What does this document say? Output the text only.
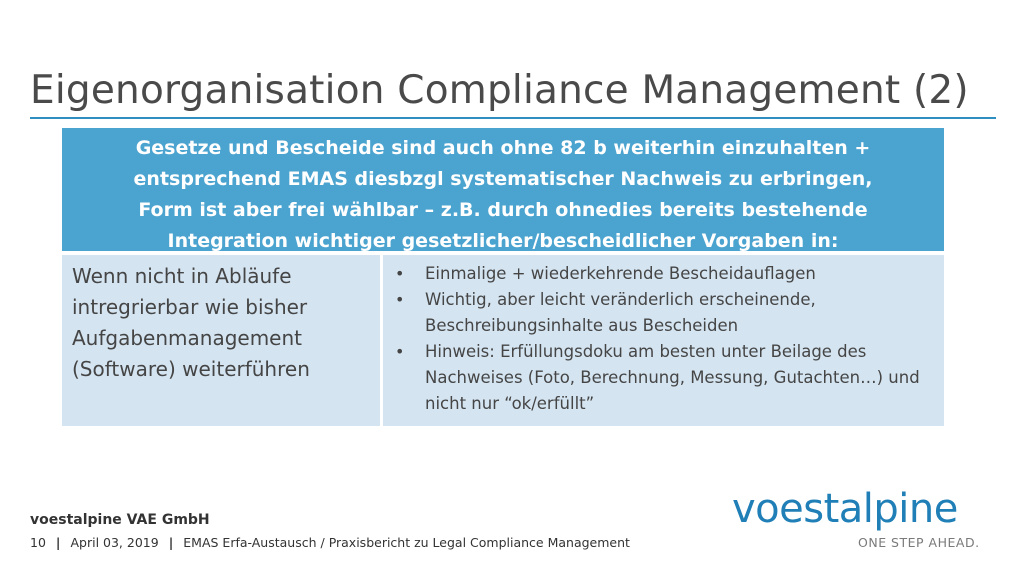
Eigenorganisation Compliance Management (2)
Gesetze und Bescheide sind auch ohne 82 b weiterhin einzuhalten +
entsprechend EMAS diesbzgl systematischer Nachweis zu erbringen,
Form ist aber frei wählbar – z.B. durch ohnedies bereits bestehende
Integration wichtiger gesetzlicher/bescheidlicher Vorgaben in:
Wenn nicht in Abläufe
intregrierbar wie bisher
Aufgabenmanagement
(Software) weiterführen
• Einmalige + wiederkehrende Bescheidauflagen
• Wichtig, aber leicht veränderlich erscheinende, Beschreibungsinhalte aus Bescheiden
• Hinweis: Erfüllungsdoku am besten unter Beilage des Nachweises (Foto, Berechnung, Messung, Gutachten…) und nicht nur “ok/erfüllt”
voestalpine VAE GmbH
10 | April 03, 2019 | EMAS Erfa-Austausch / Praxisbericht zu Legal Compliance Management
voestalpine
ONE STEP AHEAD.
